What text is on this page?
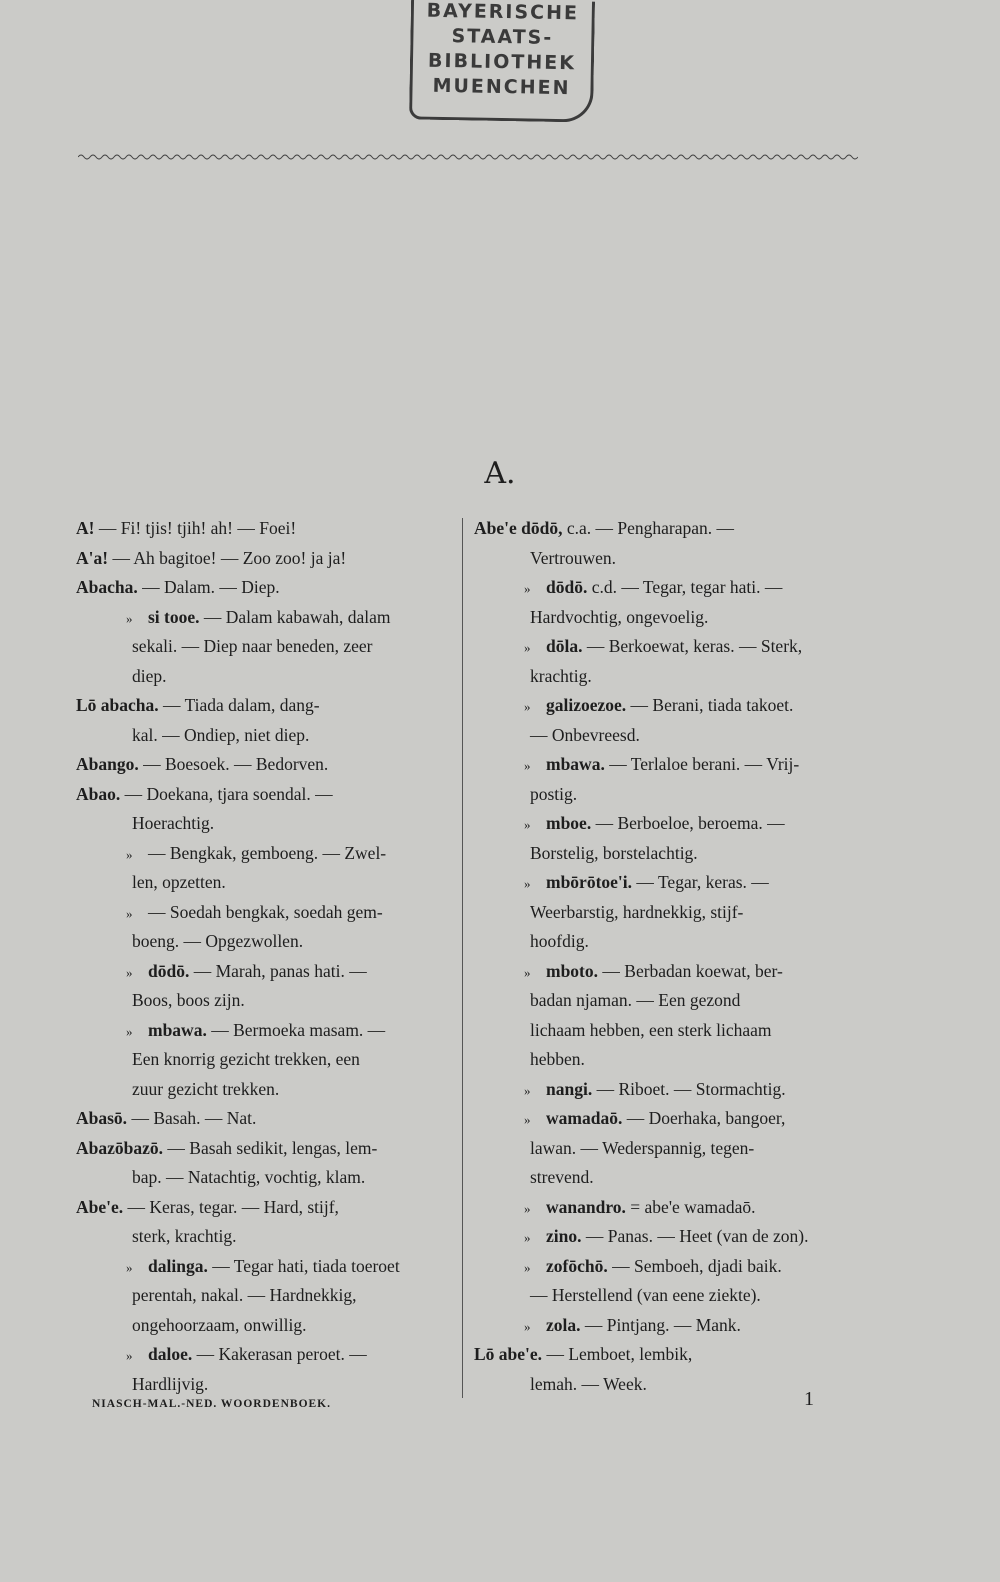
BAYERISCHE
STAATS-
BIBLIOTHEK
MUENCHEN
A.
A! — Fi! tjis! tjih! ah! — Foei!
A'a! — Ah bagitoe! — Zoo zoo! ja ja!
Abacha. — Dalam. — Diep.
» si tooe. — Dalam kabawah, dalam
sekali. — Diep naar beneden, zeer
diep.
Lō abacha. — Tiada dalam, dang-
kal. — Ondiep, niet diep.
Abango. — Boesoek. — Bedorven.
Abao. — Doekana, tjara soendal. —
Hoerachtig.
» — Bengkak, gemboeng. — Zwel-
len, opzetten.
» — Soedah bengkak, soedah gem-
boeng. — Opgezwollen.
» dōdō. — Marah, panas hati. —
Boos, boos zijn.
» mbawa. — Bermoeka masam. —
Een knorrig gezicht trekken, een
zuur gezicht trekken.
Abasō. — Basah. — Nat.
Abazōbazō. — Basah sedikit, lengas, lem-
bap. — Natachtig, vochtig, klam.
Abe'e. — Keras, tegar. — Hard, stijf,
sterk, krachtig.
» dalinga. — Tegar hati, tiada toeroet
perentah, nakal. — Hardnekkig,
ongehoorzaam, onwillig.
» daloe. — Kakerasan peroet. —
Hardlijvig.
Abe'e dōdō, c.a. — Pengharapan. —
Vertrouwen.
» dōdō. c.d. — Tegar, tegar hati. —
Hardvochtig, ongevoelig.
» dōla. — Berkoewat, keras. — Sterk,
krachtig.
» galizoezoe. — Berani, tiada takoet.
— Onbevreesd.
» mbawa. — Terlaloe berani. — Vrij-
postig.
» mboe. — Berboeloe, beroema. —
Borstelig, borstelachtig.
» mbōrōtoe'i. — Tegar, keras. —
Weerbarstig, hardnekkig, stijf-
hoofdig.
» mboto. — Berbadan koewat, ber-
badan njaman. — Een gezond
lichaam hebben, een sterk lichaam
hebben.
» nangi. — Riboet. — Stormachtig.
» wamadaō. — Doerhaka, bangoer,
lawan. — Wederspannig, tegen-
strevend.
» wanandro. = abe'e wamadaō.
» zino. — Panas. — Heet (van de zon).
» zofōchō. — Semboeh, djadi baik.
— Herstellend (van eene ziekte).
» zola. — Pintjang. — Mank.
Lō abe'e. — Lemboet, lembik,
lemah. — Week.
NIASCH-MAL.-NED. WOORDENBOEK.	1
